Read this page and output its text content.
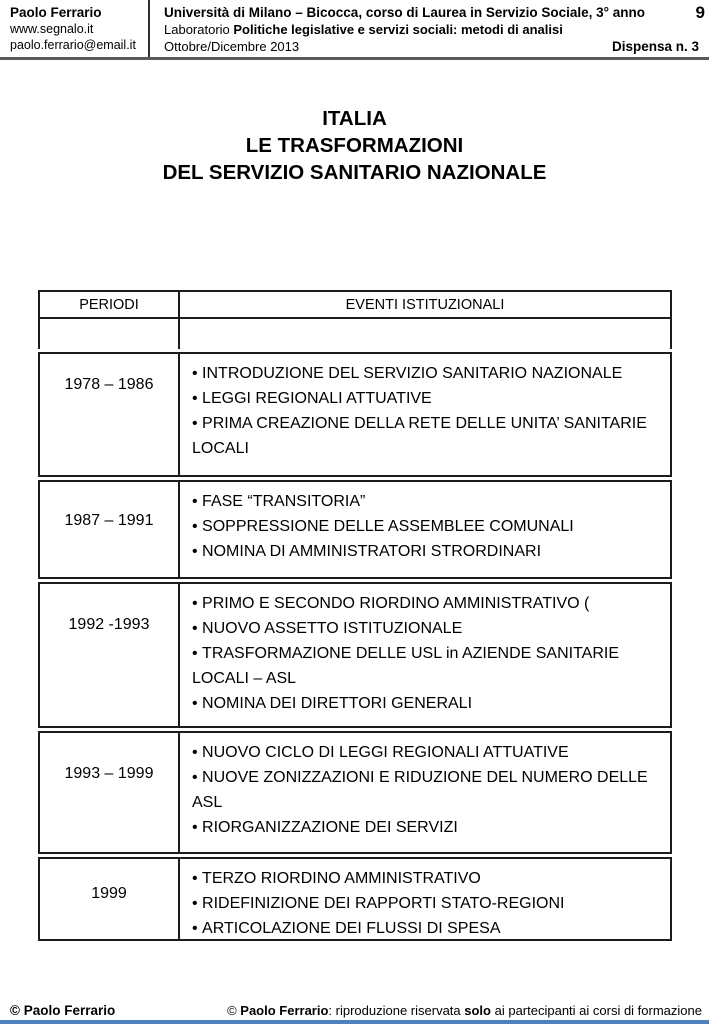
Paolo Ferrario
www.segnalo.it
paolo.ferrario@email.it
Università di Milano – Bicocca, corso di Laurea in Servizio Sociale, 3° anno	9
Laboratorio Politiche legislative e servizi sociali: metodi di analisi
Ottobre/Dicembre 2013	Dispensa n. 3
ITALIA
LE TRASFORMAZIONI
DEL SERVIZIO SANITARIO NAZIONALE
PERIODI	EVENTI ISTITUZIONALI
1978 – 1986
• INTRODUZIONE DEL SERVIZIO SANITARIO NAZIONALE
• LEGGI REGIONALI ATTUATIVE
• PRIMA CREAZIONE DELLA RETE DELLE UNITA’ SANITARIE LOCALI
1987 – 1991
• FASE “TRANSITORIA”
• SOPPRESSIONE DELLE ASSEMBLEE COMUNALI
• NOMINA DI AMMINISTRATORI STRORDINARI
1992 -1993
• PRIMO E SECONDO RIORDINO AMMINISTRATIVO (
• NUOVO ASSETTO ISTITUZIONALE
• TRASFORMAZIONE DELLE USL in AZIENDE SANITARIE LOCALI – ASL
• NOMINA DEI DIRETTORI GENERALI
1993 – 1999
• NUOVO CICLO DI LEGGI REGIONALI ATTUATIVE
• NUOVE ZONIZZAZIONI E RIDUZIONE DEL NUMERO DELLE ASL
• RIORGANIZZAZIONE DEI SERVIZI
1999
• TERZO RIORDINO AMMINISTRATIVO
• RIDEFINIZIONE DEI RAPPORTI STATO-REGIONI
• ARTICOLAZIONE DEI FLUSSI DI SPESA
© Paolo Ferrario	© Paolo Ferrario: riproduzione riservata solo ai partecipanti ai corsi di formazione
